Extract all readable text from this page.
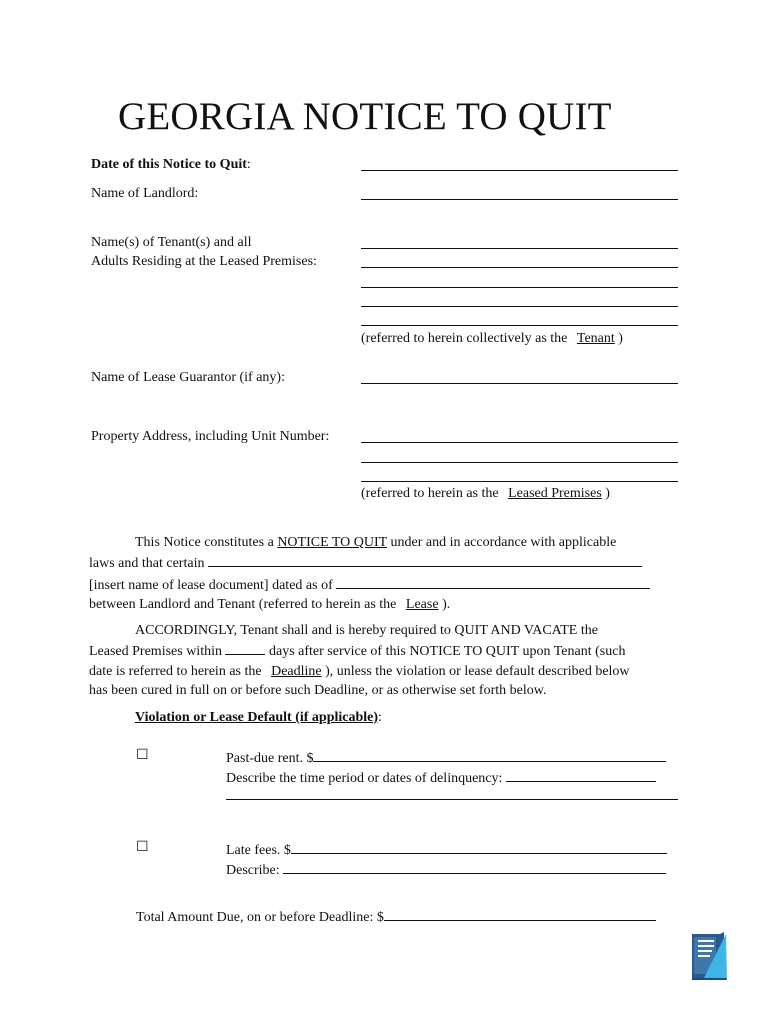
GEORGIA NOTICE TO QUIT
Date of this Notice to Quit:
Name of Landlord:
Name(s) of Tenant(s) and all
Adults Residing at the Leased Premises:
(referred to herein collectively as the Tenant )
Name of Lease Guarantor (if any):
Property Address, including Unit Number:
(referred to herein as the Leased Premises )
This Notice constitutes a NOTICE TO QUIT under and in accordance with applicable
laws and that certain
[insert name of lease document] dated as of
between Landlord and Tenant (referred to herein as the Lease ).
ACCORDINGLY, Tenant shall and is hereby required to QUIT AND VACATE the
Leased Premises within	days after service of this NOTICE TO QUIT upon Tenant (such
date is referred to herein as the Deadline ), unless the violation or lease default described below
has been cured in full on or before such Deadline, or as otherwise set forth below.
Violation or Lease Default (if applicable):
☐	Past-due rent. $
Describe the time period or dates of delinquency:
☐	Late fees. $
Describe:
Total Amount Due, on or before Deadline: $
